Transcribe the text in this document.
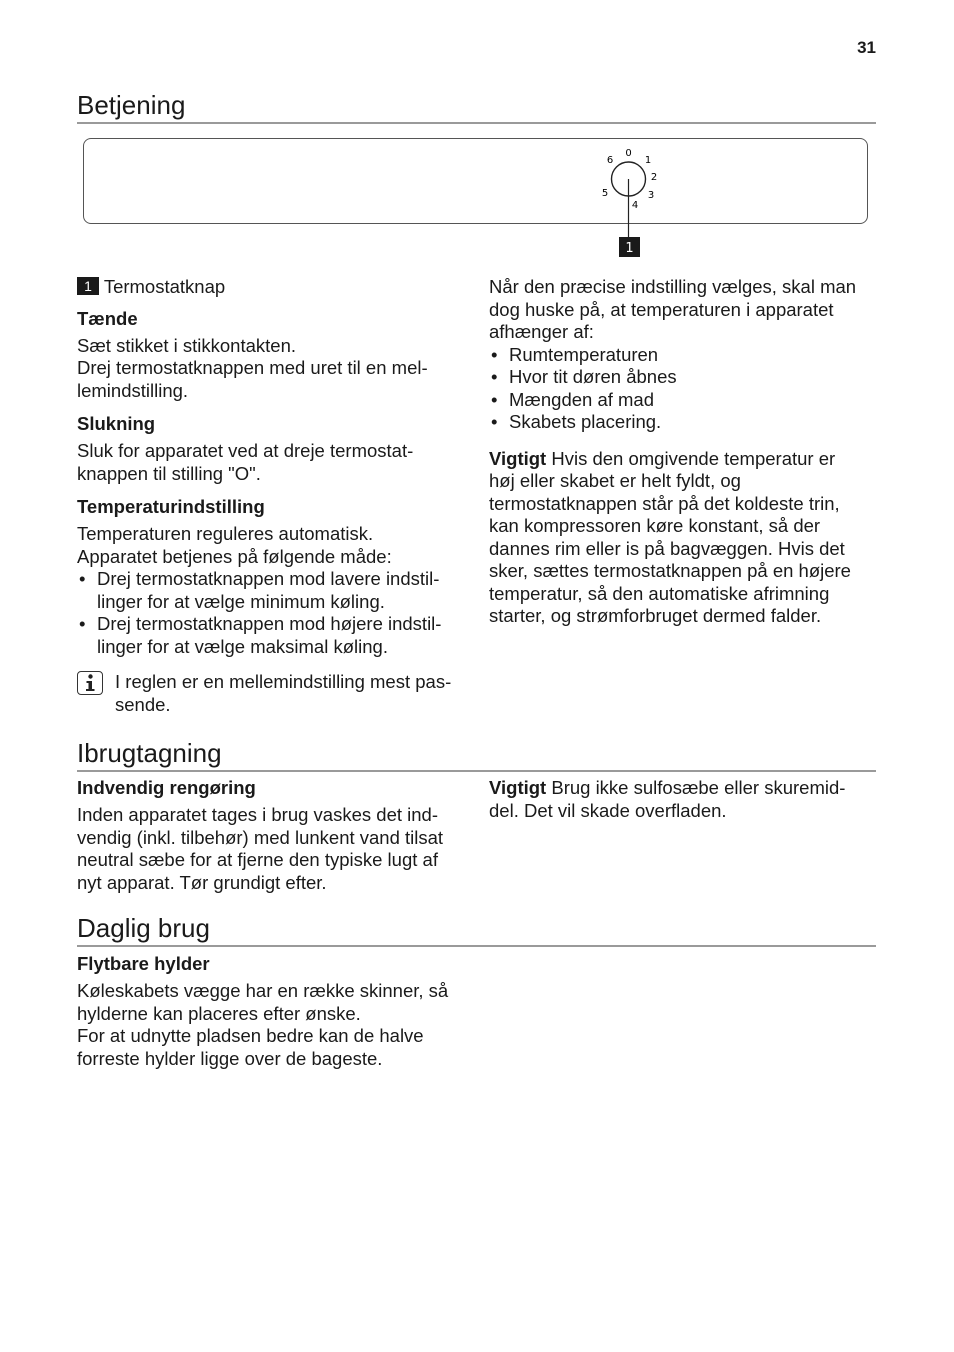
31
Betjening
0
1
2
3
4
5
6
1

1 Termostatknap

Tænde

Sæt stikket i stikkontakten.
Drej termostatknappen med uret til en mel-
lemindstilling.

Slukning

Sluk for apparatet ved at dreje termostat-
knappen til stilling "O".

Temperaturindstilling

Temperaturen reguleres automatisk.
Apparatet betjenes på følgende måde:

• Drej termostatknappen mod lavere indstil-
linger for at vælge minimum køling.
• Drej termostatknappen mod højere indstil-
linger for at vælge maksimal køling.
I reglen er en mellemindstilling mest pas-
sende.

Når den præcise indstilling vælges, skal man
dog huske på, at temperaturen i apparatet
afhænger af:

• Rumtemperaturen
• Hvor tit døren åbnes
• Mængden af mad
• Skabets placering.

Vigtigt Hvis den omgivende temperatur er
høj eller skabet er helt fyldt, og
termostatknappen står på det koldeste trin,
kan kompressoren køre konstant, så der
dannes rim eller is på bagvæggen. Hvis det
sker, sættes termostatknappen på en højere
temperatur, så den automatiske afrimning
starter, og strømforbruget dermed falder.

Ibrugtagning

Indvendig rengøring

Inden apparatet tages i brug vaskes det ind-
vendig (inkl. tilbehør) med lunkent vand tilsat
neutral sæbe for at fjerne den typiske lugt af
nyt apparat. Tør grundigt efter.

Vigtigt Brug ikke sulfosæbe eller skuremid-
del. Det vil skade overfladen.

Daglig brug

Flytbare hylder

Køleskabets vægge har en række skinner, så
hylderne kan placeres efter ønske.
For at udnytte pladsen bedre kan de halve
forreste hylder ligge over de bageste.
